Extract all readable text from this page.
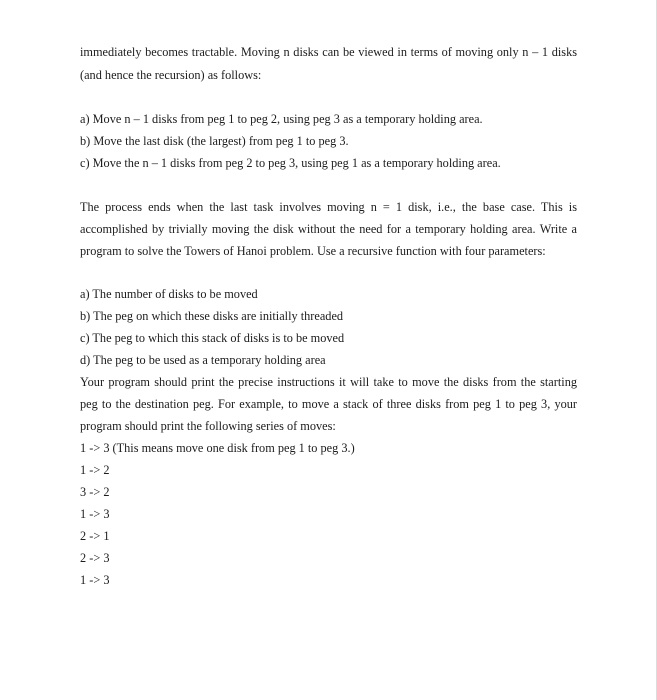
immediately becomes tractable. Moving n disks can be viewed in terms of moving only n – 1 disks
(and hence the recursion) as follows:
a) Move n – 1 disks from peg 1 to peg 2, using peg 3 as a temporary holding area.
b) Move the last disk (the largest) from peg 1 to peg 3.
c) Move the n – 1 disks from peg 2 to peg 3, using peg 1 as a temporary holding area.
The process ends when the last task involves moving n = 1 disk, i.e., the base case. This is
accomplished by trivially moving the disk without the need for a temporary holding area. Write a
program to solve the Towers of Hanoi problem. Use a recursive function with four parameters:
a) The number of disks to be moved
b) The peg on which these disks are initially threaded
c) The peg to which this stack of disks is to be moved
d) The peg to be used as a temporary holding area
Your program should print the precise instructions it will take to move the disks from the starting
peg to the destination peg. For example, to move a stack of three disks from peg 1 to peg 3, your
program should print the following series of moves:
1 -> 3 (This means move one disk from peg 1 to peg 3.)
1 -> 2
3 -> 2
1 -> 3
2 -> 1
2 -> 3
1 -> 3
